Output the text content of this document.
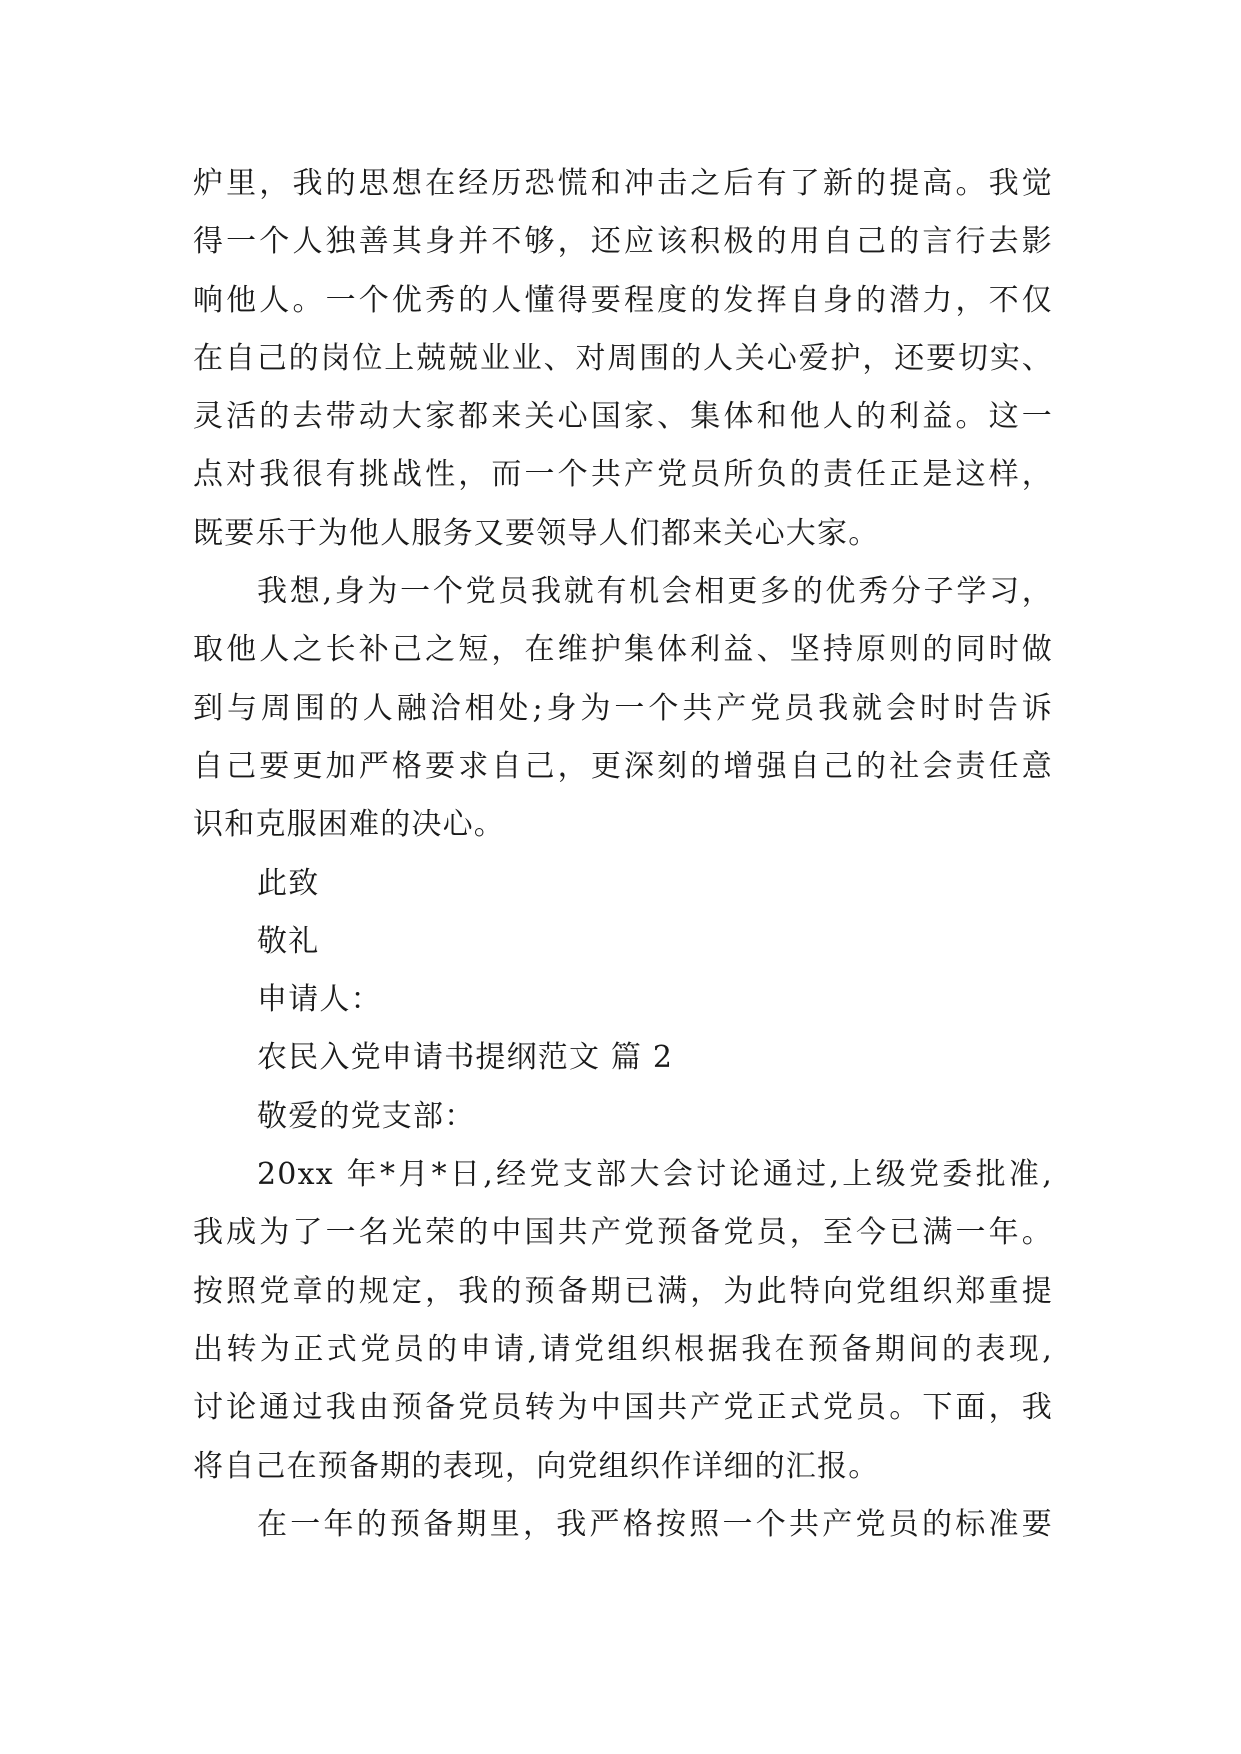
炉里，我的思想在经历恐慌和冲击之后有了新的提高。我觉
得一个人独善其身并不够，还应该积极的用自己的言行去影
响他人。一个优秀的人懂得要程度的发挥自身的潜力，不仅
在自己的岗位上兢兢业业、对周围的人关心爱护，还要切实、
灵活的去带动大家都来关心国家、集体和他人的利益。这一
点对我很有挑战性，而一个共产党员所负的责任正是这样，
既要乐于为他人服务又要领导人们都来关心大家。
我想,身为一个党员我就有机会相更多的优秀分子学习，
取他人之长补己之短，在维护集体利益、坚持原则的同时做
到与周围的人融洽相处;身为一个共产党员我就会时时告诉
自己要更加严格要求自己，更深刻的增强自己的社会责任意
识和克服困难的决心。
此致
敬礼
申请人：
农民入党申请书提纲范文 篇 2
敬爱的党支部：
20xx 年*月*日,经党支部大会讨论通过,上级党委批准,
我成为了一名光荣的中国共产党预备党员，至今已满一年。
按照党章的规定，我的预备期已满，为此特向党组织郑重提
出转为正式党员的申请,请党组织根据我在预备期间的表现,
讨论通过我由预备党员转为中国共产党正式党员。下面，我
将自己在预备期的表现，向党组织作详细的汇报。
在一年的预备期里，我严格按照一个共产党员的标准要
